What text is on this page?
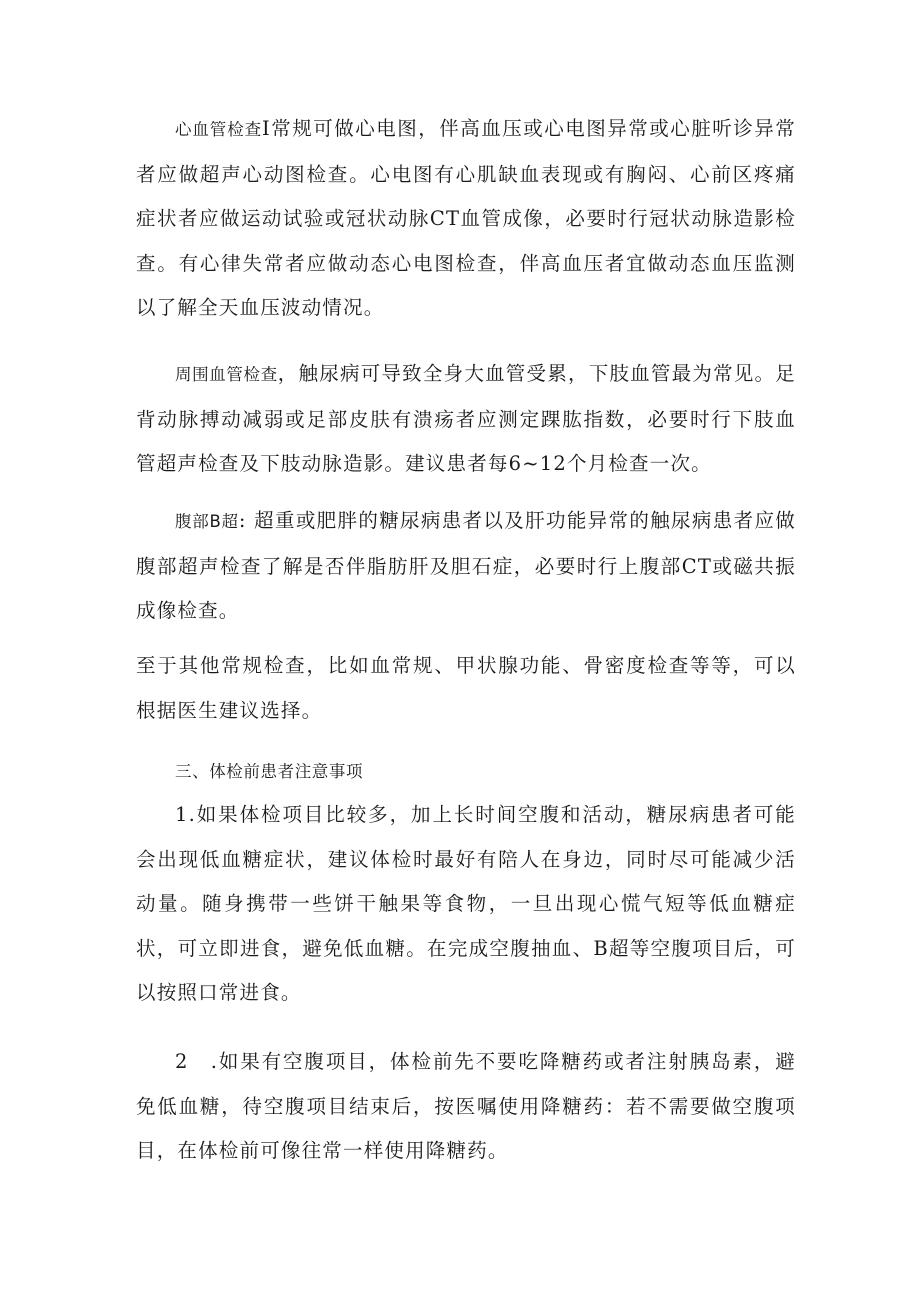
心血管检查I常规可做心电图，伴高血压或心电图异常或心脏听诊异常者应做超声心动图检查。心电图有心肌缺血表现或有胸闷、心前区疼痛症状者应做运动试验或冠状动脉CT血管成像，必要时行冠状动脉造影检查。有心律失常者应做动态心电图检查，伴高血压者宜做动态血压监测以了解全天血压波动情况。

周围血管检查，触尿病可导致全身大血管受累，下肢血管最为常见。足背动脉搏动减弱或足部皮肤有溃疡者应测定踝肱指数，必要时行下肢血管超声检查及下肢动脉造影。建议患者每6~12个月检查一次。

腹部B超: 超重或肥胖的糖尿病患者以及肝功能异常的触尿病患者应做腹部超声检查了解是否伴脂肪肝及胆石症，必要时行上腹部CT或磁共振成像检查。

至于其他常规检查，比如血常规、甲状腺功能、骨密度检查等等，可以根据医生建议选择。

三、体检前患者注意事项

1.如果体检项目比较多，加上长时间空腹和活动，糖尿病患者可能会出现低血糖症状，建议体检时最好有陪人在身边，同时尽可能减少活动量。随身携带一些饼干触果等食物，一旦出现心慌气短等低血糖症状，可立即进食，避免低血糖。在完成空腹抽血、B超等空腹项目后，可以按照口常进食。

2　.如果有空腹项目，体检前先不要吃降糖药或者注射胰岛素，避免低血糖，待空腹项目结束后，按医嘱使用降糖药：若不需要做空腹项目，在体检前可像往常一样使用降糖药。
